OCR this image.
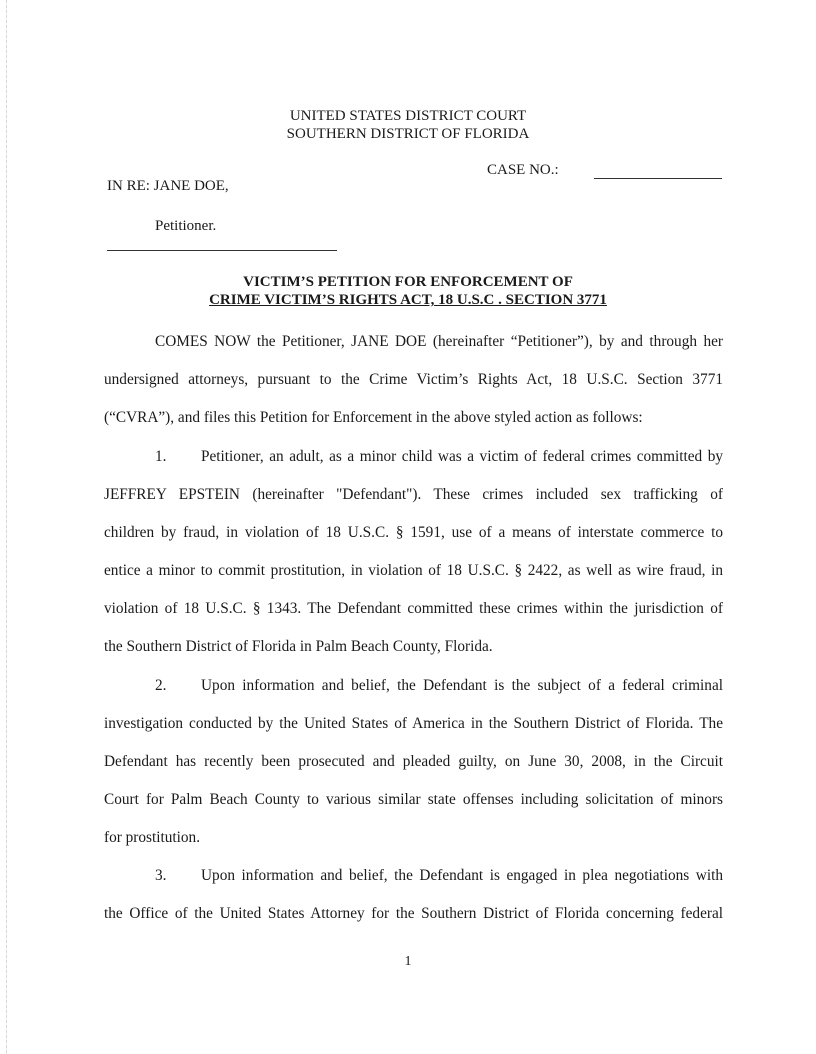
UNITED STATES DISTRICT COURT
SOUTHERN DISTRICT OF FLORIDA
CASE NO.:
IN RE: JANE DOE,
Petitioner.
VICTIM’S PETITION FOR ENFORCEMENT OF
CRIME VICTIM’S RIGHTS ACT, 18 U.S.C . SECTION 3771
COMES NOW the Petitioner, JANE DOE (hereinafter “Petitioner”), by and through her
undersigned attorneys, pursuant to the Crime Victim’s Rights Act, 18 U.S.C. Section 3771
(“CVRA”), and files this Petition for Enforcement in the above styled action as follows:
1. Petitioner, an adult, as a minor child was a victim of federal crimes committed by
JEFFREY EPSTEIN (hereinafter "Defendant"). These crimes included sex trafficking of
children by fraud, in violation of 18 U.S.C. § 1591, use of a means of interstate commerce to
entice a minor to commit prostitution, in violation of 18 U.S.C. § 2422, as well as wire fraud, in
violation of 18 U.S.C. § 1343. The Defendant committed these crimes within the jurisdiction of
the Southern District of Florida in Palm Beach County, Florida.
2. Upon information and belief, the Defendant is the subject of a federal criminal
investigation conducted by the United States of America in the Southern District of Florida. The
Defendant has recently been prosecuted and pleaded guilty, on June 30, 2008, in the Circuit
Court for Palm Beach County to various similar state offenses including solicitation of minors
for prostitution.
3. Upon information and belief, the Defendant is engaged in plea negotiations with
the Office of the United States Attorney for the Southern District of Florida concerning federal
1
